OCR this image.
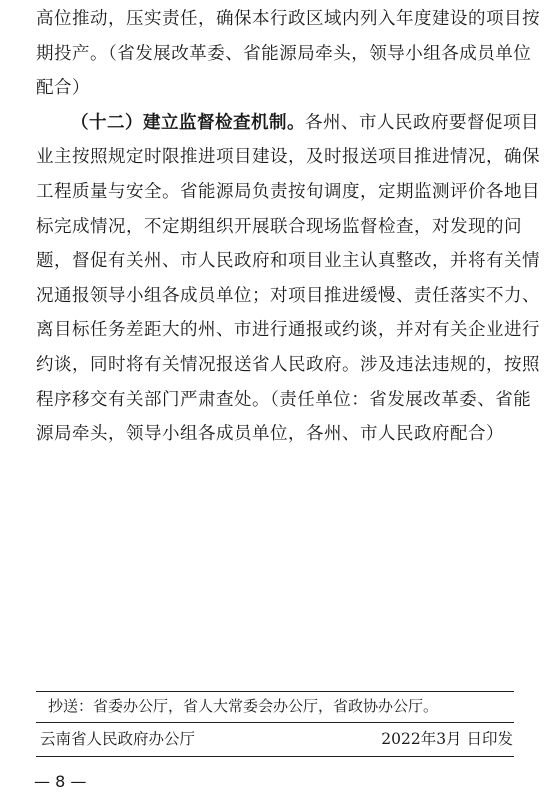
高位推动，压实责任，确保本行政区域内列入年度建设的项目按
期投产。（省发展改革委、省能源局牵头，领导小组各成员单位
配合）
（十二）建立监督检查机制。各州、市人民政府要督促项目
业主按照规定时限推进项目建设，及时报送项目推进情况，确保
工程质量与安全。省能源局负责按旬调度，定期监测评价各地目
标完成情况，不定期组织开展联合现场监督检查，对发现的问
题，督促有关州、市人民政府和项目业主认真整改，并将有关情
况通报领导小组各成员单位；对项目推进缓慢、责任落实不力、
离目标任务差距大的州、市进行通报或约谈，并对有关企业进行
约谈，同时将有关情况报送省人民政府。涉及违法违规的，按照
程序移交有关部门严肃查处。（责任单位：省发展改革委、省能
源局牵头，领导小组各成员单位，各州、市人民政府配合）
抄送：省委办公厅，省人大常委会办公厅，省政协办公厅。
云南省人民政府办公厅	2022年3月 日印发
— 8 —
